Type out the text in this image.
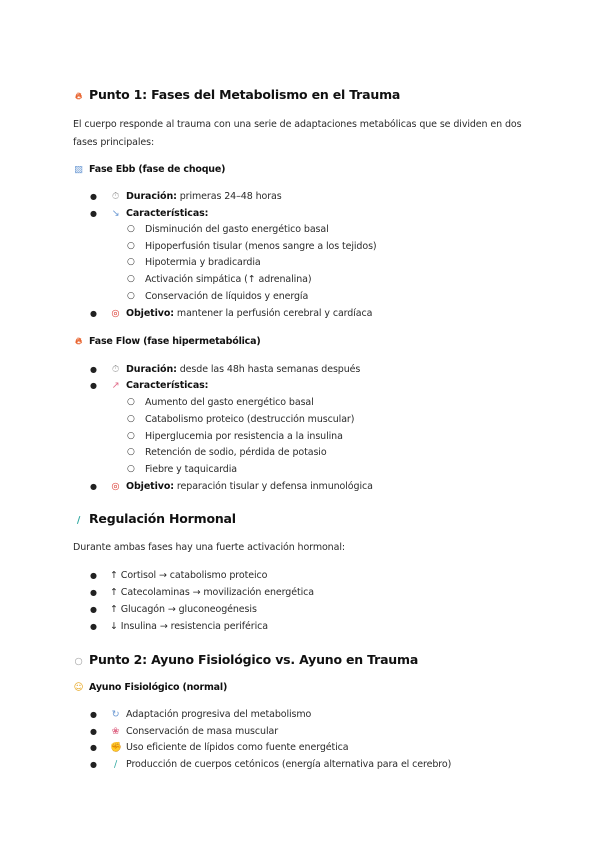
🔥︎ Punto 1: Fases del Metabolismo en el Trauma
El cuerpo responde al trauma con una serie de adaptaciones metabólicas que se dividen en dos fases principales:
▨ Fase Ebb (fase de choque)
● ⏱︎ Duración: primeras 24–48 horas
● ↘ Características:
○ Disminución del gasto energético basal
○ Hipoperfusión tisular (menos sangre a los tejidos)
○ Hipotermia y bradicardia
○ Activación simpática (↑ adrenalina)
○ Conservación de líquidos y energía
● ◎ Objetivo: mantener la perfusión cerebral y cardíaca
🔥︎ Fase Flow (fase hipermetabólica)
● ⏱︎ Duración: desde las 48h hasta semanas después
● ↗ Características:
○ Aumento del gasto energético basal
○ Catabolismo proteico (destrucción muscular)
○ Hiperglucemia por resistencia a la insulina
○ Retención de sodio, pérdida de potasio
○ Fiebre y taquicardia
● ◎ Objetivo: reparación tisular y defensa inmunológica
∕ Regulación Hormonal
Durante ambas fases hay una fuerte activación hormonal:
● ↑ Cortisol → catabolismo proteico
● ↑ Catecolaminas → movilización energética
● ↑ Glucagón → gluconeogénesis
● ↓ Insulina → resistencia periférica
○ Punto 2: Ayuno Fisiológico vs. Ayuno en Trauma
☺ Ayuno Fisiológico (normal)
● ↻ Adaptación progresiva del metabolismo
● ❀ Conservación de masa muscular
● ✊ Uso eficiente de lípidos como fuente energética
● ∕ Producción de cuerpos cetónicos (energía alternativa para el cerebro)
